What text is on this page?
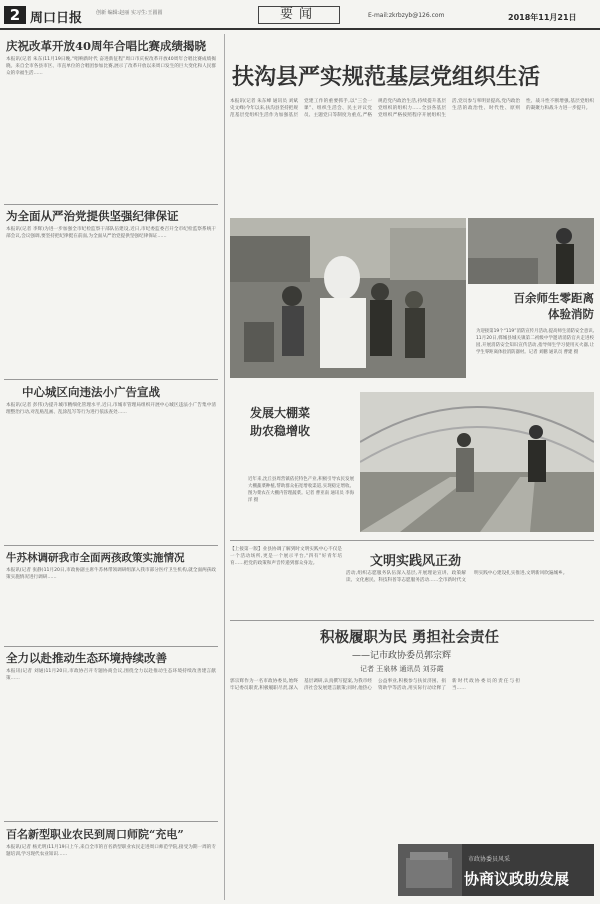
2 周口日报	创新 编辑:赵丽 实习生:王圆圆	要闻	E-mail:zkrbzyb@126.com	2018年11月21日
庆祝改革开放40周年合唱比赛成绩揭晓
本报讯(记者 朱东)11月19日晚,“唱响新时代 奋进新征程”周口市庆祝改革开放40周年合唱比赛成绩揭晓。来自全市各县市区、市直单位的合唱团参加比赛,展示了改革开放以来周口发生的巨大变化和人民群众的幸福生活……
为全面从严治党提供坚强纪律保证
本报讯(记者 李辉)为进一步加强全市纪检监察干部队伍建设,近日,市纪委监委召开全市纪检监察系统干部会议,会议强调,要坚持把纪律挺在前面,为全面从严治党提供坚强纪律保证……
中心城区向违法小广告宣战
本报讯(记者 彭伟)为提升城市精细化管理水平,近日,市城市管理局组织开展中心城区违法小广告集中清理整治行动,对乱贴乱画、乱涂乱写等行为进行依法查处……
牛苏林调研我市全面两孩政策实施情况
本报讯(记者 张静)11月20日,市政协副主席牛苏林带领调研组深入我市部分医疗卫生机构,就全面两孩政策实施情况进行调研……
全力以赴推动生态环境持续改善
本报讯(记者 刘通)11月20日,市政协召开专题协商会议,围绕全力以赴推动生态环境持续改善建言献策……
百名新型职业农民到周口师院“充电”
本报讯(记者 杨光明)11月19日上午,来自全市的百名新型职业农民走进周口师范学院,接受为期一周的专题培训,学习现代农业知识……
扶沟县严实规范基层党组织生活
本报讯(记者 朱东峰 通讯员 刘斌 史文峰)今年以来,扶沟县坚持把规范基层党组织生活作为加强基层党建工作的重要抓手,以“三会一课”、组织生活会、民主评议党员、主题党日等制度为重点,严格规范党内政治生活,持续提升基层党组织的组织力……全县各基层党组织严格按照程序开展组织生活,党员参与率明显提高,党内政治生活的政治性、时代性、原则性、战斗性不断增强,基层党组织的凝聚力和战斗力进一步提升。
百余师生零距离体验消防
为迎接第19个“119”消防宣传月活动,提高师生消防安全意识,11月20日,郸城县城关镇第二初级中学邀请消防官兵走进校园,开展消防安全知识宣传活动,指导师生学习使用灭火器,让学生零距离体验消防器材。记者 刘鹏 通讯员 曹建 摄
发展大棚菜 助农稳增收
近年来,沈丘县周营镇依托特色产业,积极引导农民发展大棚蔬菜种植,帮助群众拓宽增收渠道,实现稳定增收。图为菜农在大棚内管理蔬菜。记者 曹亚南 通讯员 李海洋 摄
【上接第一版】业县协调了解到时文明实践中心不仅是一个活动场所,更是一个展示平台,“四有”好青年培育……把党的政策和声音传递到群众身边。	文明实践风正劲
活动,组织志愿服务队伍深入基层,开展理论宣讲、政策解读、文化惠民、科技科普等志愿服务活动……全市新时代文明实践中心建设扎实推进,文明新风吹遍城乡。
积极履职为民 勇担社会责任
——记市政协委员郭宗辉
记者 王泉林 通讯员 刘芬霞
郭宗辉作为一名市政协委员,始终牢记委员职责,积极履职尽责,深入基层调研,认真撰写提案,为我市经济社会发展建言献策;同时,他热心公益事业,积极参与扶贫济困、捐资助学等活动,用实际行动诠释了新时代政协委员的责任与担当……
市政协委员风采
协商议政助发展
